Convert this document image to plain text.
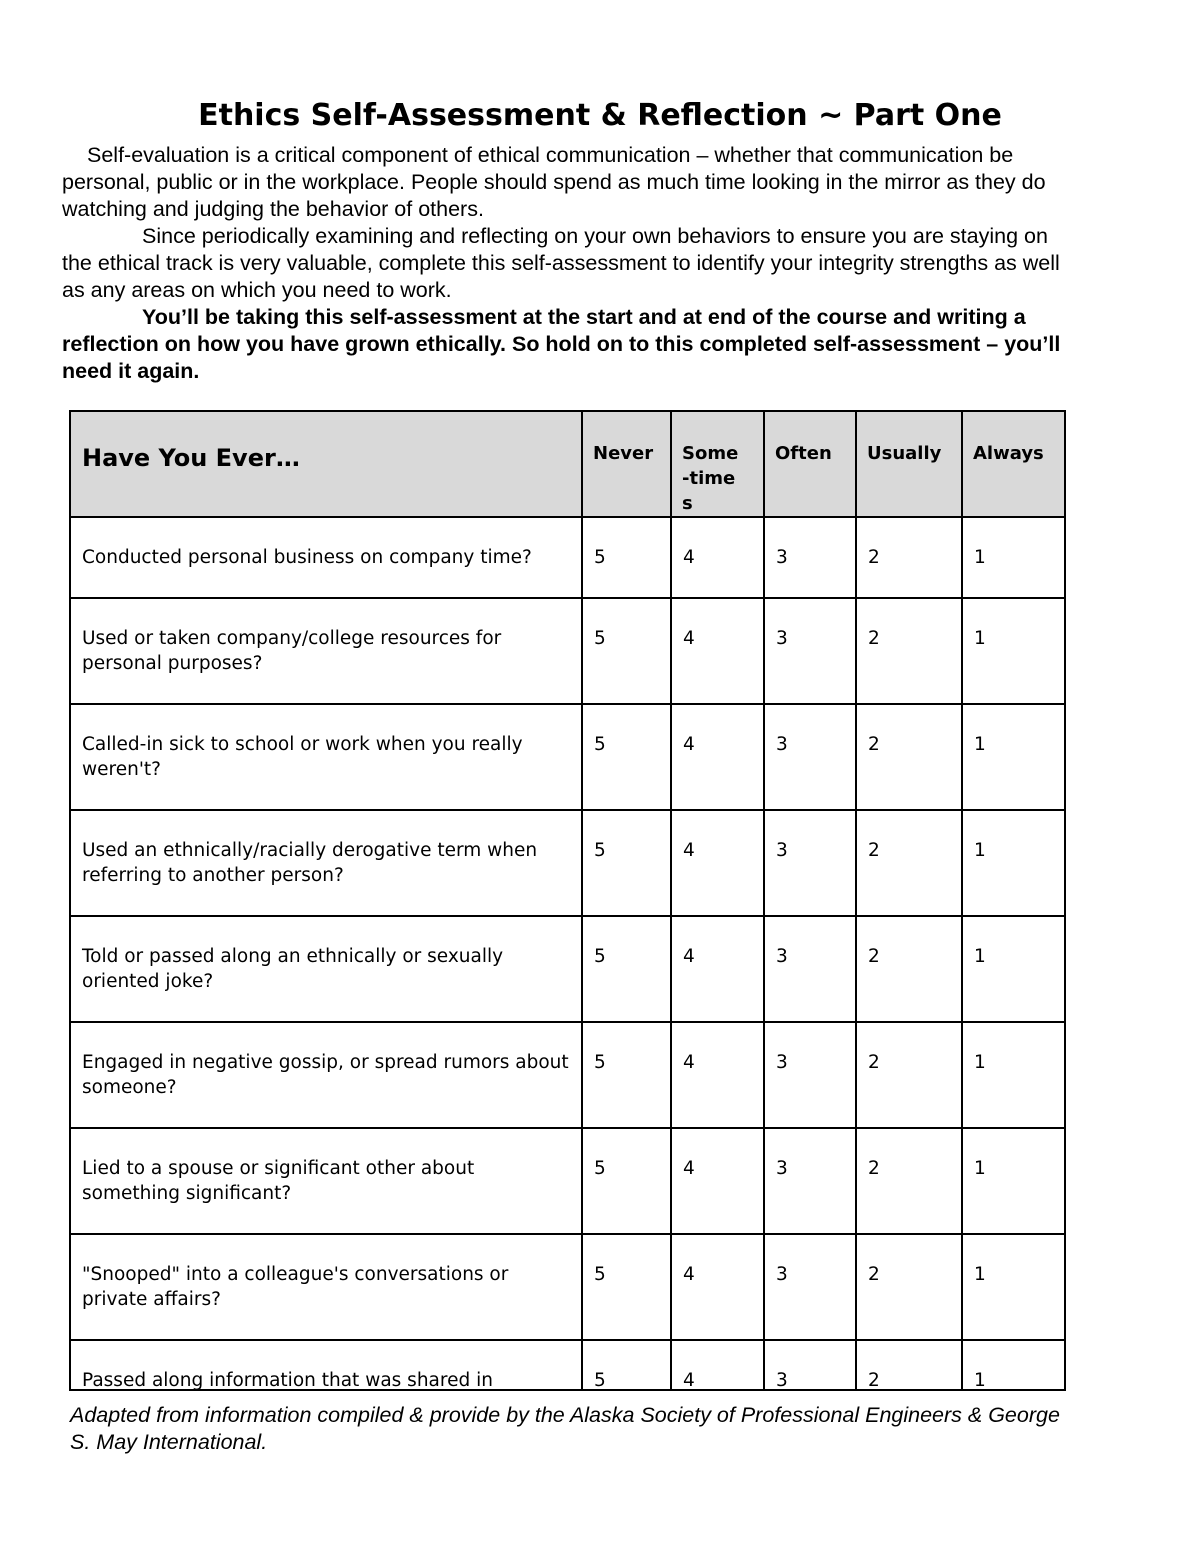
Ethics Self-Assessment & Reflection ~ Part One

Self-evaluation is a critical component of ethical communication – whether that communication be personal, public or in the workplace. People should spend as much time looking in the mirror as they do watching and judging the behavior of others.

Since periodically examining and reflecting on your own behaviors to ensure you are staying on the ethical track is very valuable, complete this self-assessment to identify your integrity strengths as well as any areas on which you need to work.

You’ll be taking this self-assessment at the start and at end of the course and writing a reflection on how you have grown ethically. So hold on to this completed self-assessment – you’ll need it again.

Have You Ever…	Never	Some-times	Often	Usually	Always

Conducted personal business on company time?	5	4	3	2	1

Used or taken company/college resources for personal purposes?	5	4	3	2	1

Called-in sick to school or work when you really weren't?	5	4	3	2	1

Used an ethnically/racially derogative term when referring to another person?	5	4	3	2	1

Told or passed along an ethnically or sexually oriented joke?	5	4	3	2	1

Engaged in negative gossip, or spread rumors about someone?	5	4	3	2	1

Lied to a spouse or significant other about something significant?	5	4	3	2	1

"Snooped" into a colleague's conversations or private affairs?	5	4	3	2	1

Passed along information that was shared in	5	4	3	2	1
Adapted from information compiled & provide by the Alaska Society of Professional Engineers & George S. May International.
